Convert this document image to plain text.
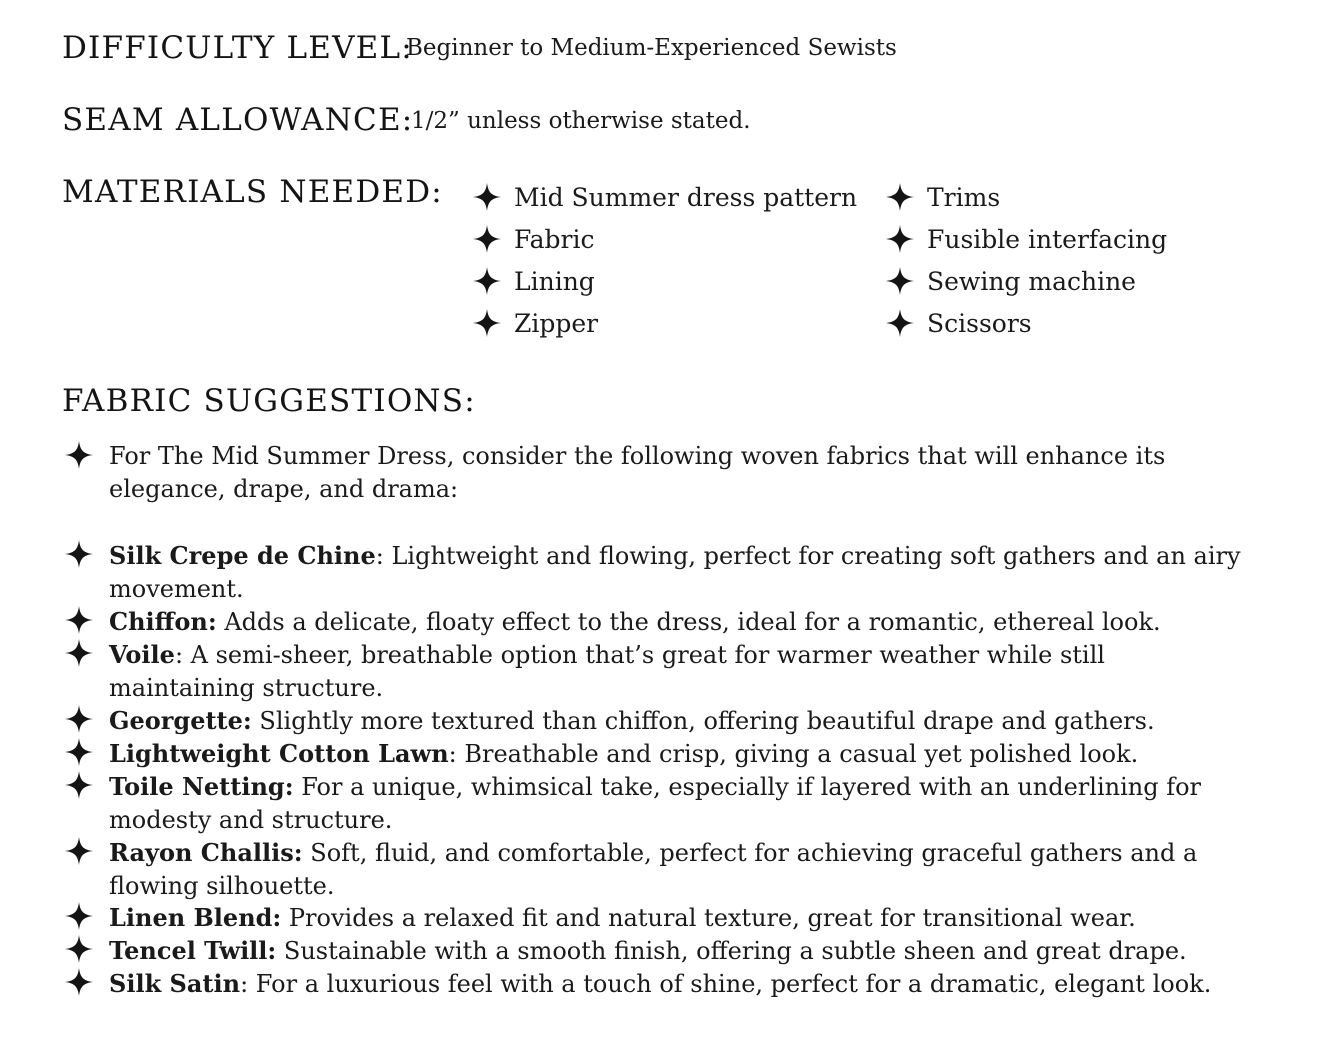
DIFFICULTY LEVEL:
Beginner to Medium-Experienced Sewists
SEAM ALLOWANCE:
1/2” unless otherwise stated.
MATERIALS NEEDED:	Mid Summer dress pattern
Fabric
Lining
Zipper
Trims
Fusible interfacing
Sewing machine
Scissors
FABRIC SUGGESTIONS:
For The Mid Summer Dress, consider the following woven fabrics that will enhance its elegance, drape, and drama:
Silk Crepe de Chine: Lightweight and flowing, perfect for creating soft gathers and an airy movement.
Chiffon: Adds a delicate, floaty effect to the dress, ideal for a romantic, ethereal look.
Voile: A semi-sheer, breathable option that’s great for warmer weather while still maintaining structure.
Georgette: Slightly more textured than chiffon, offering beautiful drape and gathers.
Lightweight Cotton Lawn: Breathable and crisp, giving a casual yet polished look.
Toile Netting: For a unique, whimsical take, especially if layered with an underlining for modesty and structure.
Rayon Challis: Soft, fluid, and comfortable, perfect for achieving graceful gathers and a flowing silhouette.
Linen Blend: Provides a relaxed fit and natural texture, great for transitional wear.
Tencel Twill: Sustainable with a smooth finish, offering a subtle sheen and great drape.
Silk Satin: For a luxurious feel with a touch of shine, perfect for a dramatic, elegant look.
